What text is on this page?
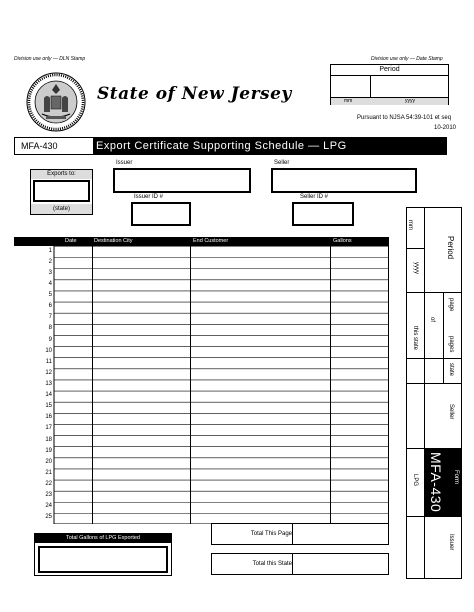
Division use only — DLN Stamp	Division use only — Date Stamp
State of New Jersey
Period
mm	yyyy
Pursuant to NJSA 54:39-101 et seq
10-2010
MFA-430	Export Certificate Supporting Schedule — LPG
Issuer	Seller
Exports to:
(state)
Issuer ID #	Seller ID #
Date	Destination City	End Customer	Gallons
1
2
3
4
5
6
7
8
9
10
11
12
13
14
15
16
17
18
19
20
21
22
23
24
25
Total Gallons of LPG Exported
Total This Page
Total this State
mm
Period
yyyy
page
of
pages
this state
state
Seller
MFA-430 Form
LPG
Issuer
